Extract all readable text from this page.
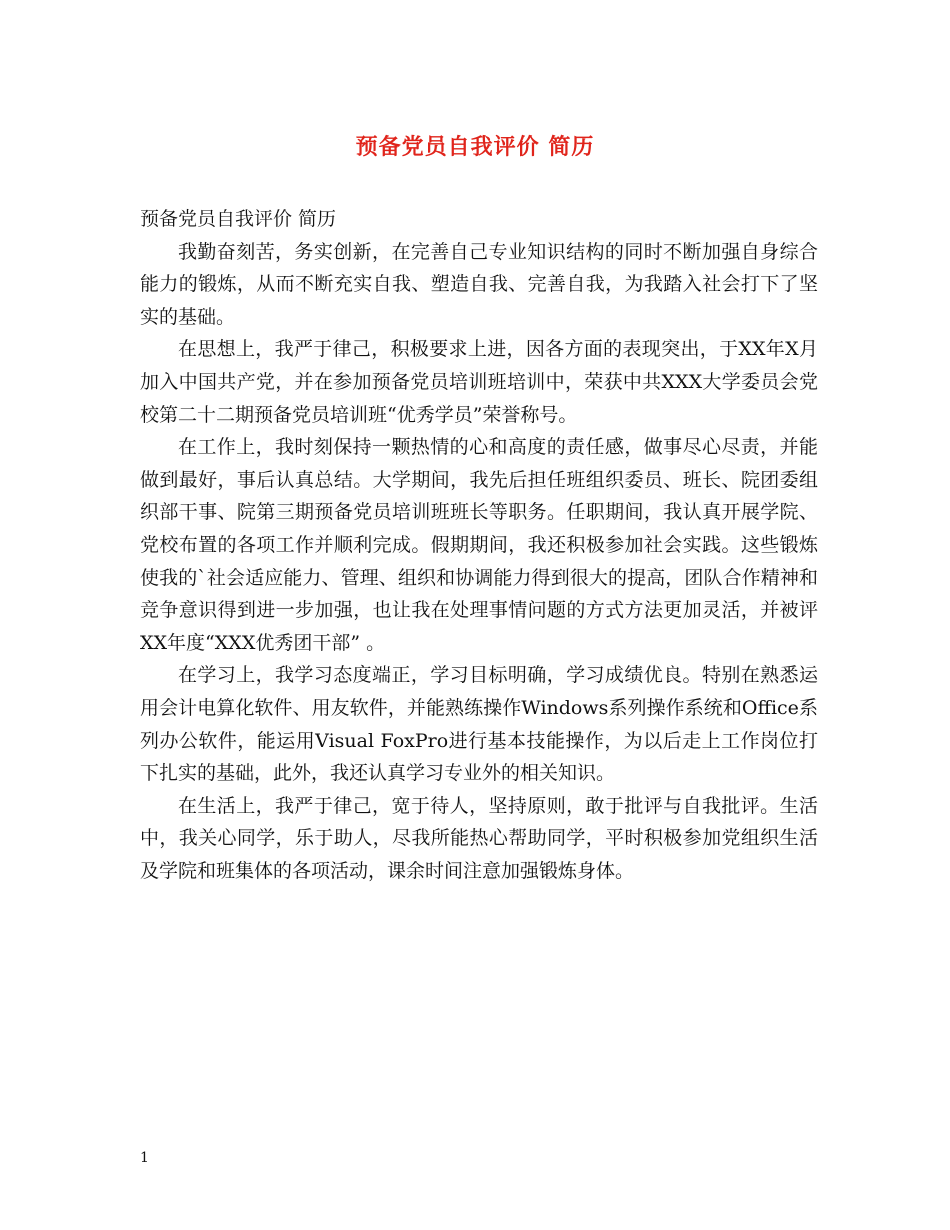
预备党员自我评价 简历

预备党员自我评价 简历

我勤奋刻苦，务实创新，在完善自己专业知识结构的同时不断加强自身综合能力的锻炼，从而不断充实自我、塑造自我、完善自我，为我踏入社会打下了坚实的基础。

在思想上，我严于律己，积极要求上进，因各方面的表现突出，于XX年X月加入中国共产党，并在参加预备党员培训班培训中，荣获中共XXX大学委员会党校第二十二期预备党员培训班“优秀学员”荣誉称号。

在工作上，我时刻保持一颗热情的心和高度的责任感，做事尽心尽责，并能做到最好，事后认真总结。大学期间，我先后担任班组织委员、班长、院团委组织部干事、院第三期预备党员培训班班长等职务。任职期间，我认真开展学院、党校布置的各项工作并顺利完成。假期期间，我还积极参加社会实践。这些锻炼使我的`社会适应能力、管理、组织和协调能力得到很大的提高，团队合作精神和竞争意识得到进一步加强，也让我在处理事情问题的方式方法更加灵活，并被评XX年度“XXX优秀团干部” 。

在学习上，我学习态度端正，学习目标明确，学习成绩优良。特别在熟悉运用会计电算化软件、用友软件，并能熟练操作Windows系列操作系统和Office系列办公软件，能运用Visual FoxPro进行基本技能操作，为以后走上工作岗位打下扎实的基础，此外，我还认真学习专业外的相关知识。

在生活上，我严于律己，宽于待人，坚持原则，敢于批评与自我批评。生活中，我关心同学，乐于助人，尽我所能热心帮助同学，平时积极参加党组织生活及学院和班集体的各项活动，课余时间注意加强锻炼身体。

1
